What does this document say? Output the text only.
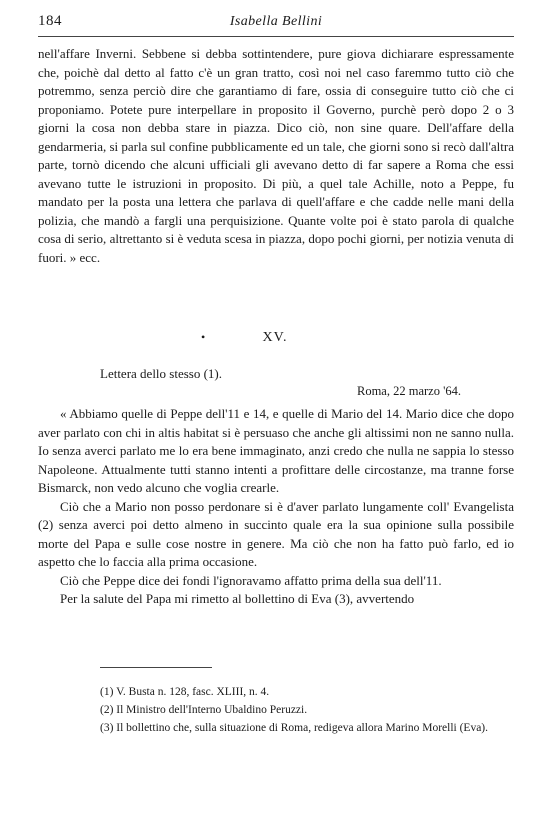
184	Isabella Bellini

nell'affare Inverni. Sebbene si debba sottintendere, pure giova dichiarare espressamente che, poichè dal detto al fatto c'è un gran tratto, così noi nel caso faremmo tutto ciò che potremmo, senza perciò dire che garantiamo di fare, ossia di conseguire tutto ciò che ci proponiamo. Potete pure interpellare in proposito il Governo, purchè però dopo 2 o 3 giorni la cosa non debba stare in piazza. Dico ciò, non sine quare. Dell'affare della gendarmeria, si parla sul confine pubblicamente ed un tale, che giorni sono si recò dall'altra parte, tornò dicendo che alcuni ufficiali gli avevano detto di far sapere a Roma che essi avevano tutte le istruzioni in proposito. Di più, a quel tale Achille, noto a Peppe, fu mandato per la posta una lettera che parlava di quell'affare e che cadde nelle mani della polizia, che mandò a fargli una perquisizione. Quante volte poi è stato parola di qualche cosa di serio, altrettanto si è veduta scesa in piazza, dopo pochi giorni, per notizia venuta di fuori. » ecc.

•	XV.
Lettera dello stesso (1).
Roma, 22 marzo '64.

« Abbiamo quelle di Peppe dell'11 e 14, e quelle di Mario del 14. Mario dice che dopo aver parlato con chi in altis habitat si è persuaso che anche gli altissimi non ne sanno nulla. Io senza averci parlato me lo era bene immaginato, anzi credo che nulla ne sappia lo stesso Napoleone. Attualmente tutti stanno intenti a profittare delle circostanze, ma tranne forse Bismarck, non vedo alcuno che voglia crearle.

Ciò che a Mario non posso perdonare si è d'aver parlato lungamente coll' Evangelista (2) senza averci poi detto almeno in succinto quale era la sua opinione sulla possibile morte del Papa e sulle cose nostre in genere. Ma ciò che non ha fatto può farlo, ed io aspetto che lo faccia alla prima occasione.

Ciò che Peppe dice dei fondi l'ignoravamo affatto prima della sua dell'11.

Per la salute del Papa mi rimetto al bollettino di Eva (3), avvertendo

(1) V. Busta n. 128, fasc. XLIII, n. 4.

(2) Il Ministro dell'Interno Ubaldino Peruzzi.

(3) Il bollettino che, sulla situazione di Roma, redigeva allora Marino Morelli (Eva).
